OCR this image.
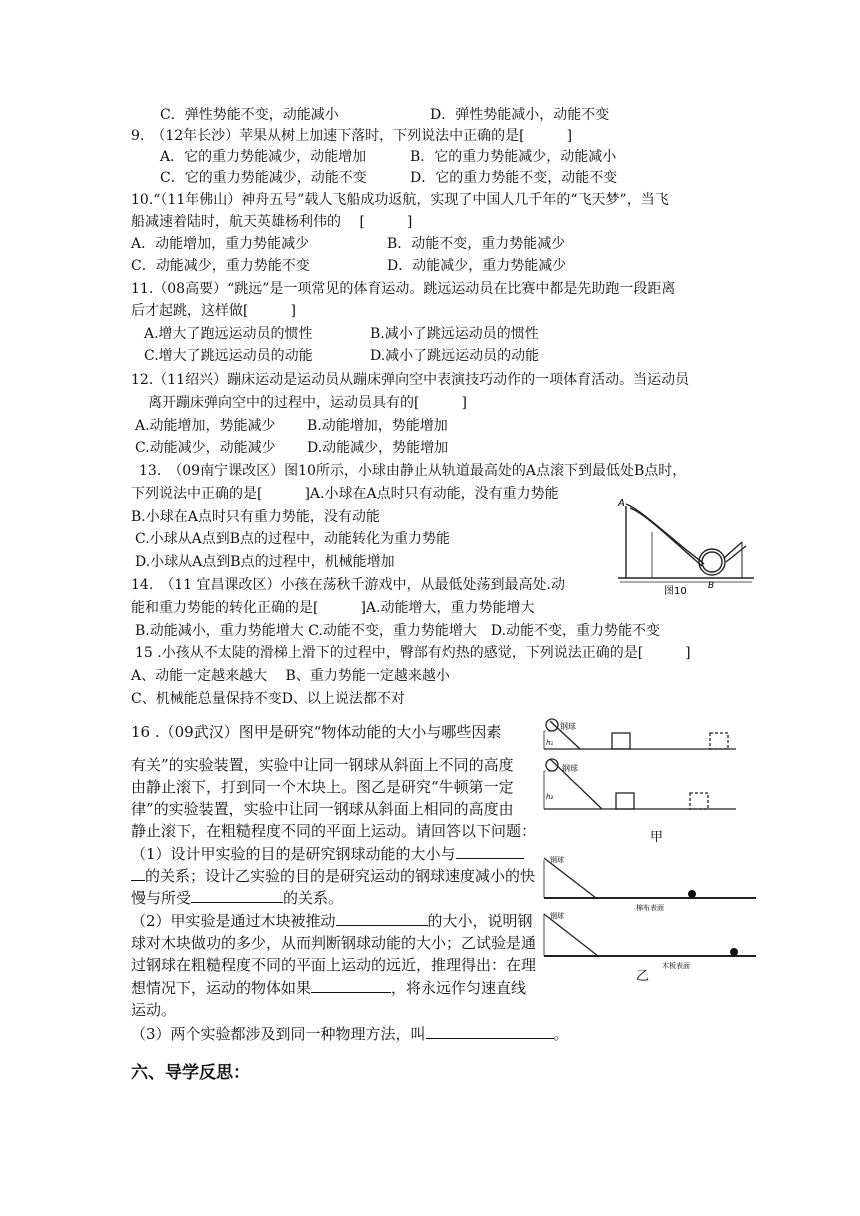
C．弹性势能不变，动能减小	D．弹性势能减小，动能不变
9.　（12年长沙）苹果从树上加速下落时，下列说法中正确的是[　　　]
A．它的重力势能减少，动能增加	B．它的重力势能减少，动能减小
C．它的重力势能减少，动能不变	D．它的重力势能不变，动能不变
10.“（11年佛山）神舟五号”载人飞船成功返航，实现了中国人几千年的“飞天梦”，当飞
船减速着陆时，航天英雄杨利伟的　 [　　　]
A．动能增加，重力势能减少	B．动能不变，重力势能减少
C．动能减少，重力势能不变	D．动能减少，重力势能减少
11.（08高要）“跳远”是一项常见的体育运动。跳远运动员在比赛中都是先助跑一段距离
后才起跳，这样做[　　　]
A.增大了跑远运动员的惯性	B.减小了跳远运动员的惯性
C.增大了跳远运动员的动能	D.减小了跳远运动员的动能
12.（11绍兴）蹦床运动是运动员从蹦床弹向空中表演技巧动作的一项体育活动。当运动员
离开蹦床弹向空中的过程中，运动员具有的[　　　]
A.动能增加，势能减少 B.动能增加，势能增加
C.动能减少，动能减少 D.动能减少，势能增加
13.　（09南宁课改区）图10所示，小球由静止从轨道最高处的A点滚下到最低处B点时，
下列说法中正确的是[　　　]A.小球在A点时只有动能，没有重力势能
B.小球在A点时只有重力势能，没有动能
C.小球从A点到B点的过程中，动能转化为重力势能
D.小球从A点到B点的过程中，机械能增加
14.　（11 宜昌课改区）小孩在荡秋千游戏中，从最低处荡到最高处.动
能和重力势能的转化正确的是[　　　]A.动能增大，重力势能增大
B.动能减小，重力势能增大 C.动能不变，重力势能增大　D.动能不变，重力势能不变
15 .小孩从不太陡的滑梯上滑下的过程中，臀部有灼热的感觉，下列说法正确的是[　　　]
A、动能一定越来越大　 B、重力势能一定越来越小
C、机械能总量保持不变D、以上说法都不对
16 .（09武汉）图甲是研究“物体动能的大小与哪些因素
有关”的实验装置，实验中让同一钢球从斜面上不同的高度
由静止滚下，打到同一个木块上。图乙是研究“牛顿第一定
律”的实验装置，实验中让同一钢球从斜面上相同的高度由
静止滚下，在粗糙程度不同的平面上运动。请回答以下问题：
（1）设计甲实验的目的是研究钢球动能的大小与
的关系；设计乙实验的目的是研究运动的钢球速度减小的快
慢与所受	的关系。
（2）甲实验是通过木块被推动	的大小，说明钢
球对木块做功的多少，从而判断钢球动能的大小；乙试验是通
过钢球在粗糙程度不同的平面上运动的远近，推理得出：在理
想情况下，运动的物体如果	，将永远作匀速直线
运动。
（3）两个实验都涉及到同一种物理方法，叫	。
六、导学反思：
A
B
图10
钢球
h₁
钢球
h₂
甲
钢球
钢球
棉布表面
木板表面
乙
